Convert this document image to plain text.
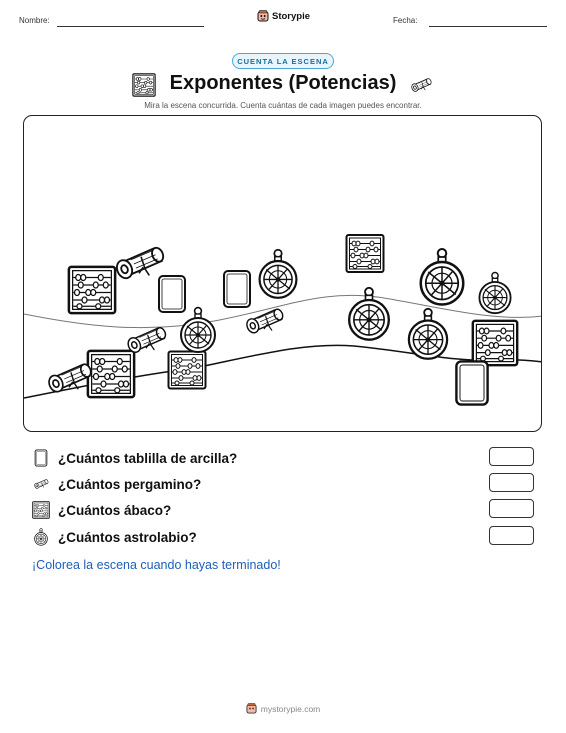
Nombre:	Storypie	Fecha:
CUENTA LA ESCENA
Exponentes (Potencias)
Mira la escena concurrida. Cuenta cuántas de cada imagen puedes encontrar.
¿Cuántos tablilla de arcilla?
¿Cuántos pergamino?
¿Cuántos ábaco?
¿Cuántos astrolabio?
¡Colorea la escena cuando hayas terminado!
mystorypie.com
